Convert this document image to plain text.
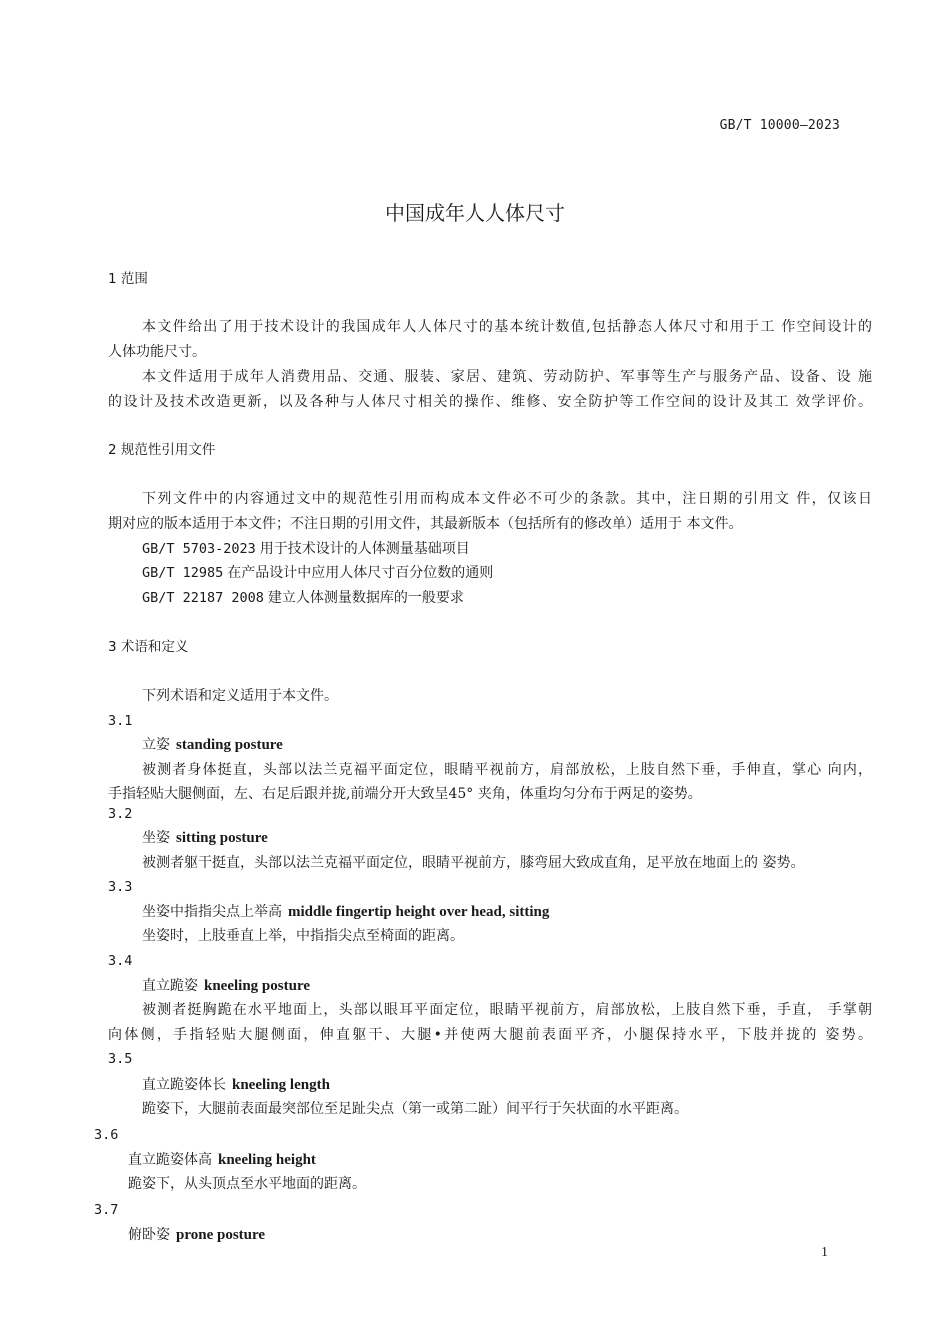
GB/T 10000—2023
中国成年人人体尺寸
1 范围
本文件给出了用于技术设计的我国成年人人体尺寸的基本统计数值,包括静态人体尺寸和用于工 作空间设计的
人体功能尺寸。
本文件适用于成年人消费用品、交通、服装、家居、建筑、劳动防护、军事等生产与服务产品、设备、设 施
的设计及技术改造更新，以及各种与人体尺寸相关的操作、维修、安全防护等工作空间的设计及其工 效学评价。
2 规范性引用文件
下列文件中的内容通过文中的规范性引用而构成本文件必不可少的条款。其中，注日期的引用文 件，仅该日
期对应的版本适用于本文件；不注日期的引用文件，其最新版本（包括所有的修改单）适用于 本文件。
GB/T 5703-2023 用于技术设计的人体测量基础项目
GB/T 12985 在产品设计中应用人体尺寸百分位数的通则
GB/T 22187 2008 建立人体测量数据库的一般要求
3 术语和定义
下列术语和定义适用于本文件。
3.1
立姿 standing posture
被测者身体挺直，头部以法兰克福平面定位，眼睛平视前方，肩部放松，上肢自然下垂，手伸直，掌心 向内，
手指轻贴大腿侧面，左、右足后跟并拢,前端分开大致呈45° 夹角，体重均匀分布于两足的姿势。
3.2
坐姿 sitting posture
被测者躯干挺直，头部以法兰克福平面定位，眼睛平视前方，膝弯屈大致成直角，足平放在地面上的 姿势。
3.3
坐姿中指指尖点上举高 middle fingertip height over head, sitting
坐姿时，上肢垂直上举，中指指尖点至椅面的距离。
3.4
直立跪姿 kneeling posture
被测者挺胸跪在水平地面上，头部以眼耳平面定位，眼睛平视前方，肩部放松，上肢自然下垂，手直， 手掌朝
向体侧，手指轻贴大腿侧面，伸直躯干、大腿•并使两大腿前表面平齐，小腿保持水平，下肢并拢的 姿势。
3.5
直立跪姿体长 kneeling length
跪姿下，大腿前表面最突部位至足趾尖点（第一或第二趾）间平行于矢状面的水平距离。
3.6
直立跪姿体高 kneeling height
跪姿下，从头顶点至水平地面的距离。
3.7
俯卧姿 prone posture
1
